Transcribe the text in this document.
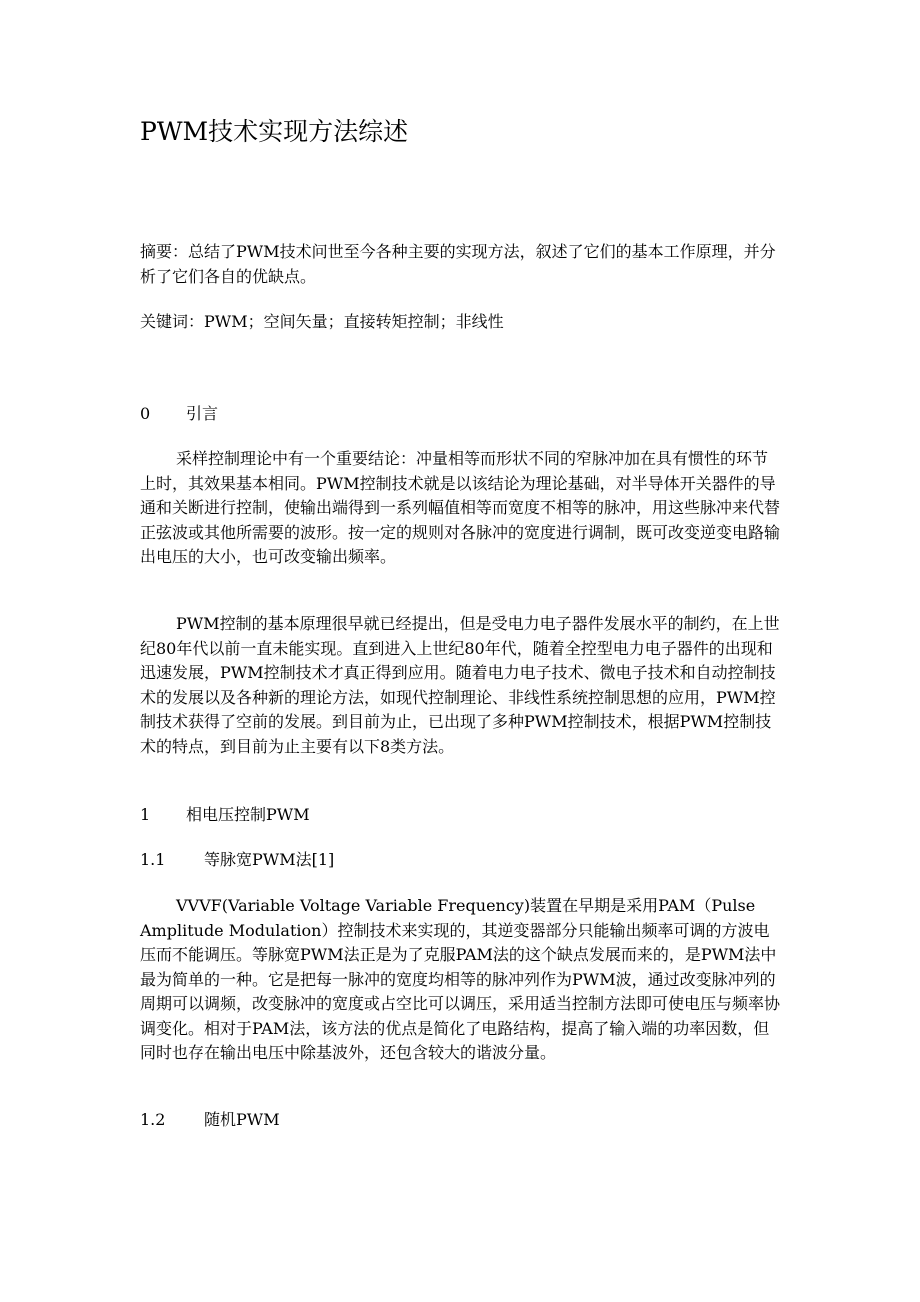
PWM技术实现方法综述

摘要：总结了PWM技术问世至今各种主要的实现方法，叙述了它们的基本工作原理，并分析了它们各自的优缺点。

关键词：PWM；空间矢量；直接转矩控制；非线性

0 引言

采样控制理论中有一个重要结论：冲量相等而形状不同的窄脉冲加在具有惯性的环节上时，其效果基本相同。PWM控制技术就是以该结论为理论基础，对半导体开关器件的导通和关断进行控制，使输出端得到一系列幅值相等而宽度不相等的脉冲，用这些脉冲来代替正弦波或其他所需要的波形。按一定的规则对各脉冲的宽度进行调制，既可改变逆变电路输出电压的大小，也可改变输出频率。

PWM控制的基本原理很早就已经提出，但是受电力电子器件发展水平的制约，在上世纪80年代以前一直未能实现。直到进入上世纪80年代，随着全控型电力电子器件的出现和迅速发展，PWM控制技术才真正得到应用。随着电力电子技术、微电子技术和自动控制技术的发展以及各种新的理论方法，如现代控制理论、非线性系统控制思想的应用，PWM控制技术获得了空前的发展。到目前为止，已出现了多种PWM控制技术，根据PWM控制技术的特点，到目前为止主要有以下8类方法。

1 相电压控制PWM

1.1 等脉宽PWM法[1]

VVVF(Variable Voltage Variable Frequency)装置在早期是采用PAM（Pulse Amplitude Modulation）控制技术来实现的，其逆变器部分只能输出频率可调的方波电压而不能调压。等脉宽PWM法正是为了克服PAM法的这个缺点发展而来的，是PWM法中最为简单的一种。它是把每一脉冲的宽度均相等的脉冲列作为PWM波，通过改变脉冲列的周期可以调频，改变脉冲的宽度或占空比可以调压，采用适当控制方法即可使电压与频率协调变化。相对于PAM法，该方法的优点是简化了电路结构，提高了输入端的功率因数，但同时也存在输出电压中除基波外，还包含较大的谐波分量。

1.2 随机PWM
